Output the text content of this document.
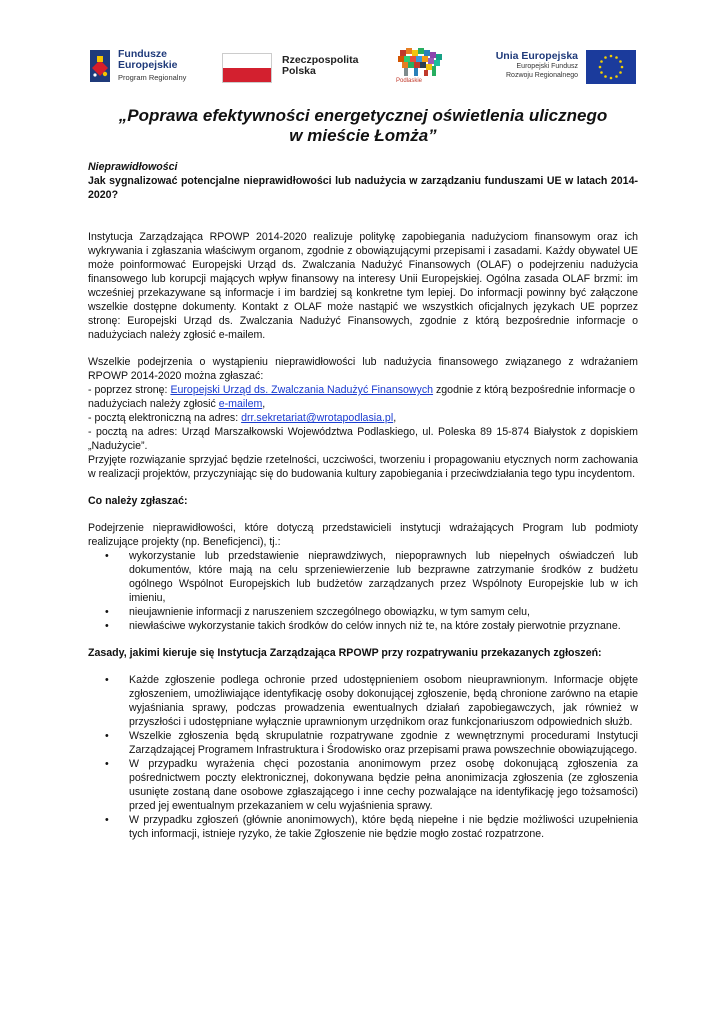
Fundusze
Europejskie
Program Regionalny
Rzeczpospolita
Polska
Podlaskie
Unia Europejska
Europejski Fundusz
Rozwoju Regionalnego
„Poprawa efektywności energetycznej oświetlenia ulicznego
w mieście Łomża”

Nieprawidłowości

Jak sygnalizować potencjalne nieprawidłowości lub nadużycia w zarządzaniu funduszami UE w latach 2014-2020?

Instytucja Zarządzająca RPOWP 2014-2020 realizuje politykę zapobiegania nadużyciom finansowym oraz ich wykrywania i zgłaszania właściwym organom, zgodnie z obowiązującymi przepisami i zasadami. Każdy obywatel UE może poinformować Europejski Urząd ds. Zwalczania Nadużyć Finansowych (OLAF) o podejrzeniu nadużycia finansowego lub korupcji mających wpływ finansowy na interesy Unii Europejskiej. Ogólna zasada OLAF brzmi: im wcześniej przekazywane są informacje i im bardziej są konkretne tym lepiej. Do informacji powinny być załączone wszelkie dostępne dokumenty. Kontakt z OLAF może nastąpić we wszystkich oficjalnych językach UE poprzez stronę: Europejski Urząd ds. Zwalczania Nadużyć Finansowych, zgodnie z którą bezpośrednie informacje o nadużyciach należy zgłosić e-mailem.

Wszelkie podejrzenia o wystąpieniu nieprawidłowości lub nadużycia finansowego związanego z wdrażaniem RPOWP 2014-2020 można zgłaszać:

- poprzez stronę: Europejski Urząd ds. Zwalczania Nadużyć Finansowych zgodnie z którą bezpośrednie informacje o nadużyciach należy zgłosić e-mailem,

- pocztą elektroniczną na adres: drr.sekretariat@wrotapodlasia.pl,

- pocztą na adres: Urząd Marszałkowski Województwa Podlaskiego, ul. Poleska 89 15-874 Białystok z dopiskiem „Nadużycie”.

Przyjęte rozwiązanie sprzyjać będzie rzetelności, uczciwości, tworzeniu i propagowaniu etycznych norm zachowania w realizacji projektów, przyczyniając się do budowania kultury zapobiegania i przeciwdziałania tego typu incydentom.

Co należy zgłaszać:

Podejrzenie nieprawidłowości, które dotyczą przedstawicieli instytucji wdrażających Program lub podmioty realizujące projekty (np. Beneficjenci), tj.:

• wykorzystanie lub przedstawienie nieprawdziwych, niepoprawnych lub niepełnych oświadczeń lub dokumentów, które mają na celu sprzeniewierzenie lub bezprawne zatrzymanie środków z budżetu ogólnego Wspólnot Europejskich lub budżetów zarządzanych przez Wspólnoty Europejskie lub w ich imieniu,
• nieujawnienie informacji z naruszeniem szczególnego obowiązku, w tym samym celu,
• niewłaściwe wykorzystanie takich środków do celów innych niż te, na które zostały pierwotnie przyznane.

Zasady, jakimi kieruje się Instytucja Zarządzająca RPOWP przy rozpatrywaniu przekazanych zgłoszeń:

• Każde zgłoszenie podlega ochronie przed udostępnieniem osobom nieuprawnionym. Informacje objęte zgłoszeniem, umożliwiające identyfikację osoby dokonującej zgłoszenie, będą chronione zarówno na etapie wyjaśniania sprawy, podczas prowadzenia ewentualnych działań zapobiegawczych, jak również w przyszłości i udostępniane wyłącznie uprawnionym urzędnikom oraz funkcjonariuszom odpowiednich służb.
• Wszelkie zgłoszenia będą skrupulatnie rozpatrywane zgodnie z wewnętrznymi procedurami Instytucji Zarządzającej Programem Infrastruktura i Środowisko oraz przepisami prawa powszechnie obowiązującego.
• W przypadku wyrażenia chęci pozostania anonimowym przez osobę dokonującą zgłoszenia za pośrednictwem poczty elektronicznej, dokonywana będzie pełna anonimizacja zgłoszenia (ze zgłoszenia usunięte zostaną dane osobowe zgłaszającego i inne cechy pozwalające na identyfikację jego tożsamości) przed jej ewentualnym przekazaniem w celu wyjaśnienia sprawy.
• W przypadku zgłoszeń (głównie anonimowych), które będą niepełne i nie będzie możliwości uzupełnienia tych informacji, istnieje ryzyko, że takie Zgłoszenie nie będzie mogło zostać rozpatrzone.
